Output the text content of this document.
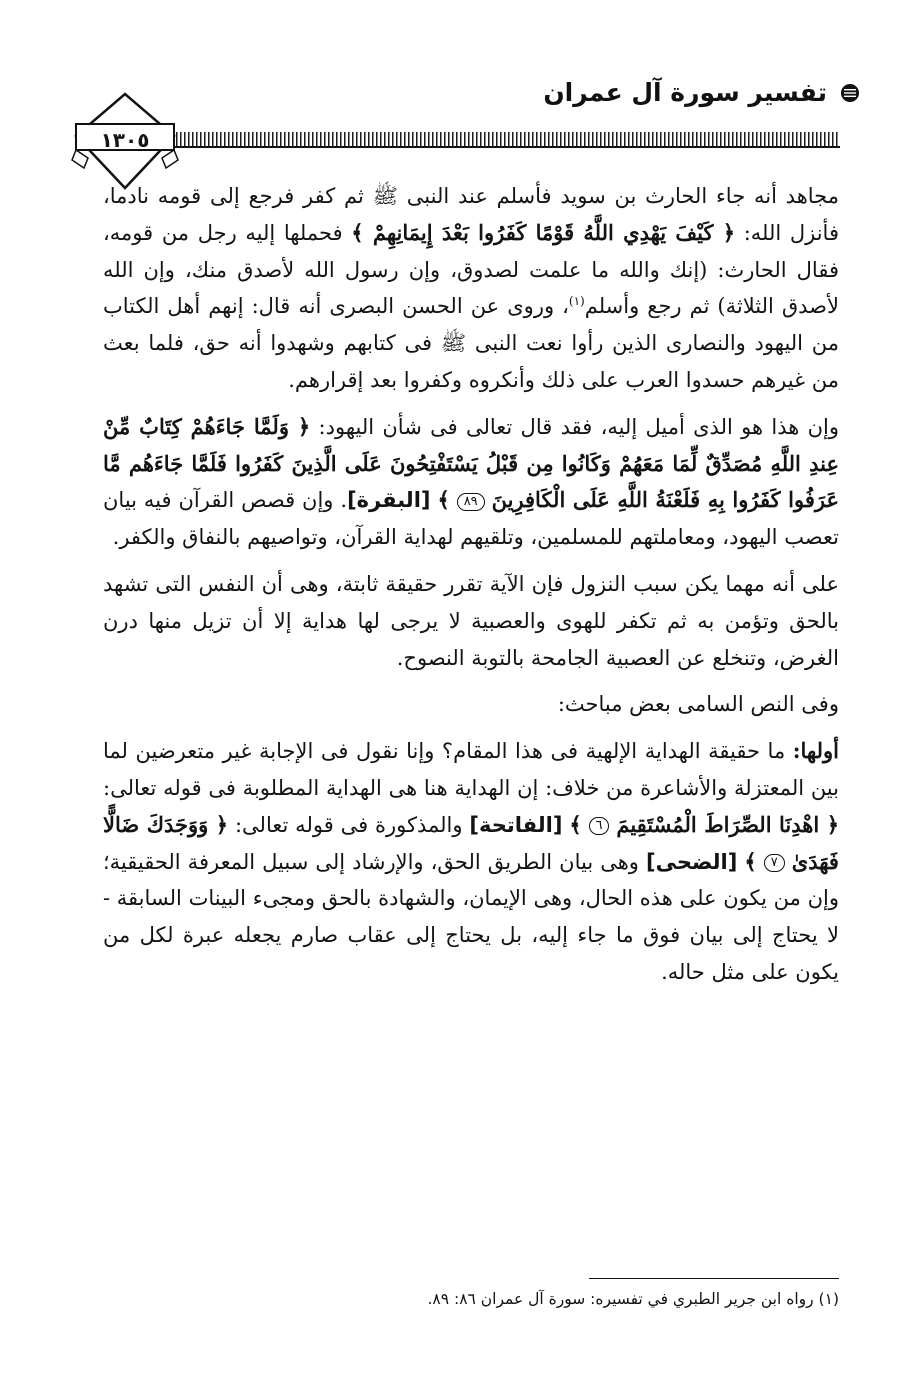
تفسير سورة آل عمران
١٣٠٥

مجاهد أنه جاء الحارث بن سويد فأسلم عند النبى ﷺ ثم كفر فرجع إلى قومه نادما، فأنزل الله: ﴿ كَيْفَ يَهْدِي اللَّهُ قَوْمًا كَفَرُوا بَعْدَ إِيمَانِهِمْ ﴾ فحملها إليه رجل من قومه، فقال الحارث: (إنك والله ما علمت لصدوق، وإن رسول الله لأصدق منك، وإن الله لأصدق الثلاثة) ثم رجع وأسلم$^{(١)}$، وروى عن الحسن البصرى أنه قال: إنهم أهل الكتاب من اليهود والنصارى الذين رأوا نعت النبى ﷺ فى كتابهم وشهدوا أنه حق، فلما بعث من غيرهم حسدوا العرب على ذلك وأنكروه وكفروا بعد إقرارهم.

وإن هذا هو الذى أميل إليه، فقد قال تعالى فى شأن اليهود: ﴿ وَلَمَّا جَاءَهُمْ كِتَابٌ مِّنْ عِندِ اللَّهِ مُصَدِّقٌ لِّمَا مَعَهُمْ وَكَانُوا مِن قَبْلُ يَسْتَفْتِحُونَ عَلَى الَّذِينَ كَفَرُوا فَلَمَّا جَاءَهُم مَّا عَرَفُوا كَفَرُوا بِهِ فَلَعْنَةُ اللَّهِ عَلَى الْكَافِرِينَ ٨٩ ﴾ [البقرة]. وإن قصص القرآن فيه بيان تعصب اليهود، ومعاملتهم للمسلمين، وتلقيهم لهداية القرآن، وتواصيهم بالنفاق والكفر.

على أنه مهما يكن سبب النزول فإن الآية تقرر حقيقة ثابتة، وهى أن النفس التى تشهد بالحق وتؤمن به ثم تكفر للهوى والعصبية لا يرجى لها هداية إلا أن تزيل منها درن الغرض، وتنخلع عن العصبية الجامحة بالتوبة النصوح.

وفى النص السامى بعض مباحث:

أولها: ما حقيقة الهداية الإلهية فى هذا المقام؟ وإنا نقول فى الإجابة غير متعرضين لما بين المعتزلة والأشاعرة من خلاف: إن الهداية هنا هى الهداية المطلوبة فى قوله تعالى: ﴿ اهْدِنَا الصِّرَاطَ الْمُسْتَقِيمَ ٦ ﴾ [الفاتحة] والمذكورة فى قوله تعالى: ﴿ وَوَجَدَكَ ضَالًّا فَهَدَىٰ ٧ ﴾ [الضحى] وهى بيان الطريق الحق، والإرشاد إلى سبيل المعرفة الحقيقية؛ وإن من يكون على هذه الحال، وهى الإيمان، والشهادة بالحق ومجىء البينات السابقة - لا يحتاج إلى بيان فوق ما جاء إليه، بل يحتاج إلى عقاب صارم يجعله عبرة لكل من يكون على مثل حاله.

(١) رواه ابن جرير الطبري في تفسيره: سورة آل عمران ٨٦: ٨٩.
